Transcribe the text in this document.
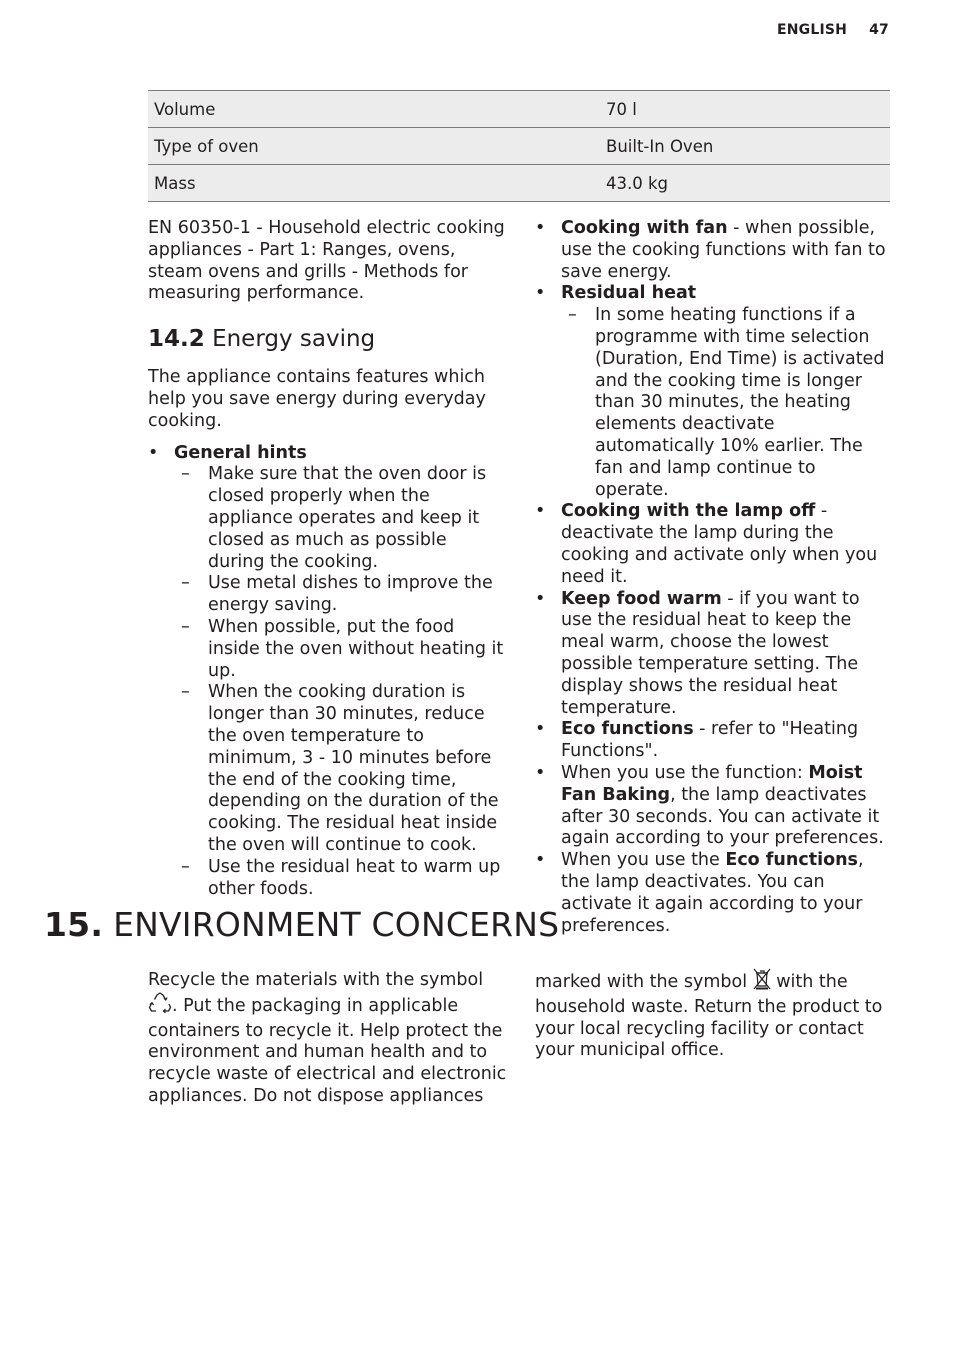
ENGLISH 47
Volume	70 l
Type of oven	Built-In Oven
Mass	43.0 kg

EN 60350-1 - Household electric cooking appliances - Part 1: Ranges, ovens, steam ovens and grills - Methods for measuring performance.

14.2 Energy saving

The appliance contains features which help you save energy during everyday cooking.

• General hints
– Make sure that the oven door is closed properly when the appliance operates and keep it closed as much as possible during the cooking.
– Use metal dishes to improve the energy saving.
– When possible, put the food inside the oven without heating it up.
– When the cooking duration is longer than 30 minutes, reduce the oven temperature to minimum, 3 - 10 minutes before the end of the cooking time, depending on the duration of the cooking. The residual heat inside the oven will continue to cook.
– Use the residual heat to warm up other foods.
• Cooking with fan - when possible, use the cooking functions with fan to save energy.
• Residual heat
– In some heating functions if a programme with time selection (Duration, End Time) is activated and the cooking time is longer than 30 minutes, the heating elements deactivate automatically 10% earlier. The fan and lamp continue to operate.
• Cooking with the lamp off - deactivate the lamp during the cooking and activate only when you need it.
• Keep food warm - if you want to use the residual heat to keep the meal warm, choose the lowest possible temperature setting. The display shows the residual heat temperature.
• Eco functions - refer to "Heating Functions".
• When you use the function: Moist Fan Baking, the lamp deactivates after 30 seconds. You can activate it again according to your preferences.
• When you use the Eco functions, the lamp deactivates. You can activate it again according to your preferences.
15. ENVIRONMENT CONCERNS
Recycle the materials with the symbol . Put the packaging in applicable containers to recycle it. Help protect the environment and human health and to recycle waste of electrical and electronic appliances. Do not dispose appliances
marked with the symbol  with the household waste. Return the product to your local recycling facility or contact your municipal office.
